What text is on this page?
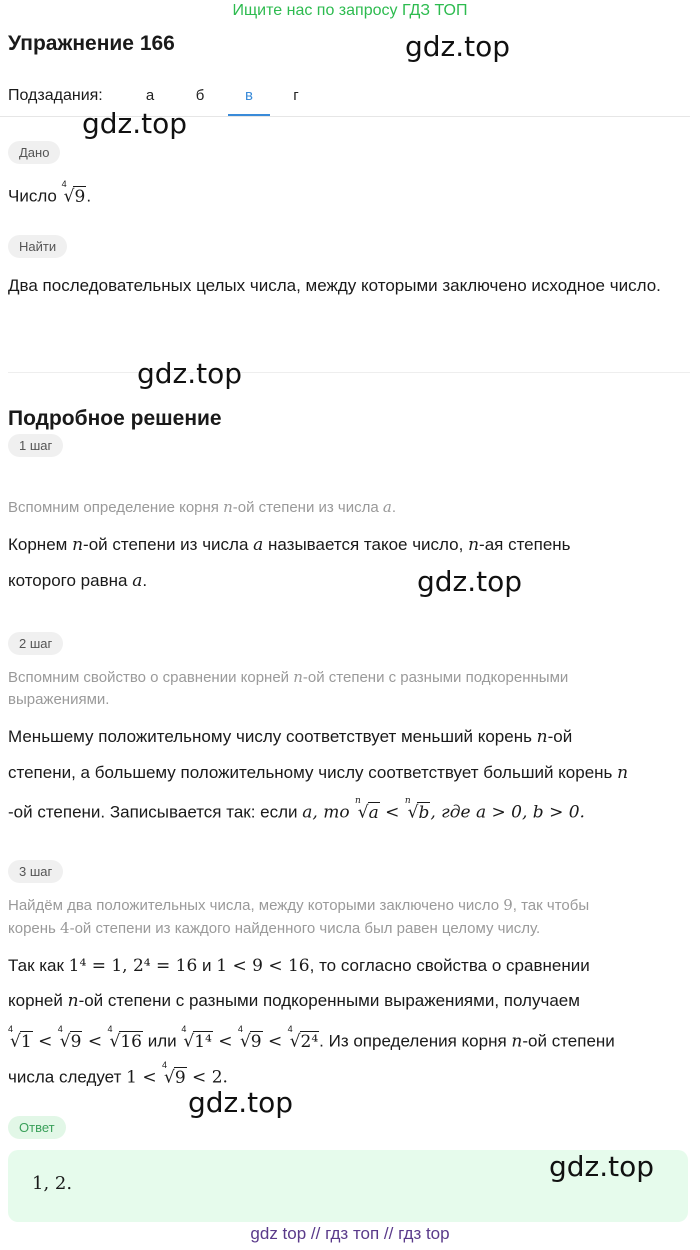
Ищите нас по запросу ГДЗ ТОП
Упражнение 166	gdz.top
Подзадания:	а	б	в	г
gdz.top
Дано
Число $^4$√9.
Найти
Два последовательных целых числа, между которыми заключено исходное число.
gdz.top
Подробное решение
1 шаг
Вспомним определение корня n-ой степени из числа a.
Корнем n-ой степени из числа a называется такое число, n-ая степень
которого равна a.	gdz.top
2 шаг
Вспомним свойство о сравнении корней n-ой степени с разными подкоренными
выражениями.
Меньшему положительному числу соответствует меньший корень n-ой
степени, а большему положительному числу соответствует больший корень n
-ой степени. Записывается так: если a, то $^n$√a < $^n$√b, где a > 0, b > 0.
3 шаг
Найдём два положительных числа, между которыми заключено число 9, так чтобы
корень 4-ой степени из каждого найденного числа был равен целому числу.
Так как 1⁴ = 1, 2⁴ = 16 и 1 < 9 < 16, то согласно свойства о сравнении
корней n-ой степени с разными подкоренными выражениями, получаем
$^4$√1 < $^4$√9 < $^4$√16 или $^4$√1⁴ < $^4$√9 < $^4$√2⁴. Из определения корня n-ой степени
числа следует 1 < $^4$√9 < 2.
gdz.top
Ответ
1, 2.
gdz.top
gdz top // гдз топ // гдз top
